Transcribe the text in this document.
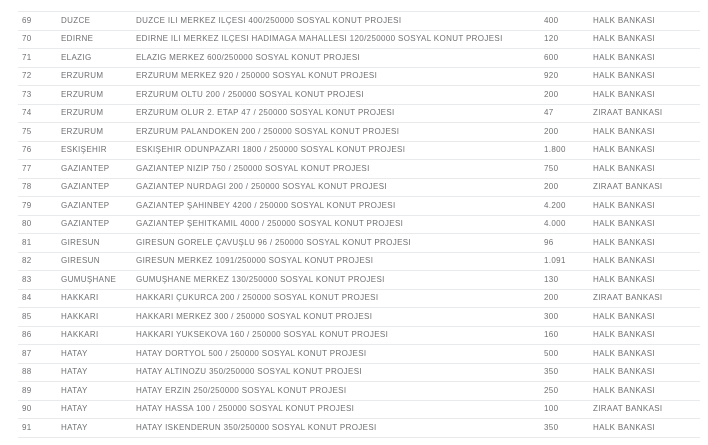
69	DÜZCE	DÜZCE İLİ MERKEZ İLÇESİ 400/250000 SOSYAL KONUT PROJESİ	400	HALK BANKASI
70	EDİRNE	EDİRNE İLİ MERKEZ İLÇESİ HADIMAĞA MAHALLESİ 120/250000 SOSYAL KONUT PROJESİ	120	HALK BANKASI
71	ELAZIĞ	ELAZIĞ MERKEZ 600/250000 SOSYAL KONUT PROJESİ	600	HALK BANKASI
72	ERZURUM	ERZURUM MERKEZ 920 / 250000 SOSYAL KONUT PROJESİ	920	HALK BANKASI
73	ERZURUM	ERZURUM OLTU 200 / 250000 SOSYAL KONUT PROJESİ	200	HALK BANKASI
74	ERZURUM	ERZURUM OLUR 2. ETAP 47 / 250000 SOSYAL KONUT PROJESİ	47	ZİRAAT BANKASI
75	ERZURUM	ERZURUM PALANDÖKEN 200 / 250000 SOSYAL KONUT PROJESİ	200	HALK BANKASI
76	ESKİŞEHİR	ESKİŞEHİR ODUNPAZARI 1800 / 250000 SOSYAL KONUT PROJESİ	1.800	HALK BANKASI
77	GAZİANTEP	GAZİANTEP NİZİP 750 / 250000 SOSYAL KONUT PROJESİ	750	HALK BANKASI
78	GAZİANTEP	GAZİANTEP NURDAĞI 200 / 250000 SOSYAL KONUT PROJESİ	200	ZİRAAT BANKASI
79	GAZİANTEP	GAZİANTEP ŞAHİNBEY 4200 / 250000 SOSYAL KONUT PROJESİ	4.200	HALK BANKASI
80	GAZİANTEP	GAZİANTEP ŞEHİTKAMİL 4000 / 250000 SOSYAL KONUT PROJESİ	4.000	HALK BANKASI
81	GİRESUN	GİRESUN GÖRELE ÇAVUŞLU 96 / 250000 SOSYAL KONUT PROJESİ	96	HALK BANKASI
82	GİRESUN	GİRESUN MERKEZ 1091/250000 SOSYAL KONUT PROJESİ	1.091	HALK BANKASI
83	GÜMÜŞHANE	GÜMÜŞHANE MERKEZ 130/250000 SOSYAL KONUT PROJESİ	130	HALK BANKASI
84	HAKKARİ	HAKKARİ ÇUKURCA 200 / 250000 SOSYAL KONUT PROJESİ	200	ZİRAAT BANKASI
85	HAKKARİ	HAKKARİ MERKEZ 300 / 250000 SOSYAL KONUT PROJESİ	300	HALK BANKASI
86	HAKKARİ	HAKKARİ YÜKSEKOVA 160 / 250000 SOSYAL KONUT PROJESİ	160	HALK BANKASI
87	HATAY	HATAY DÖRTYOL 500 / 250000 SOSYAL KONUT PROJESİ	500	HALK BANKASI
88	HATAY	HATAY ALTINÖZÜ 350/250000 SOSYAL KONUT PROJESİ	350	HALK BANKASI
89	HATAY	HATAY ERZİN 250/250000 SOSYAL KONUT PROJESİ	250	HALK BANKASI
90	HATAY	HATAY HASSA 100 / 250000 SOSYAL KONUT PROJESİ	100	ZİRAAT BANKASI
91	HATAY	HATAY İSKENDERUN 350/250000 SOSYAL KONUT PROJESİ	350	HALK BANKASI
